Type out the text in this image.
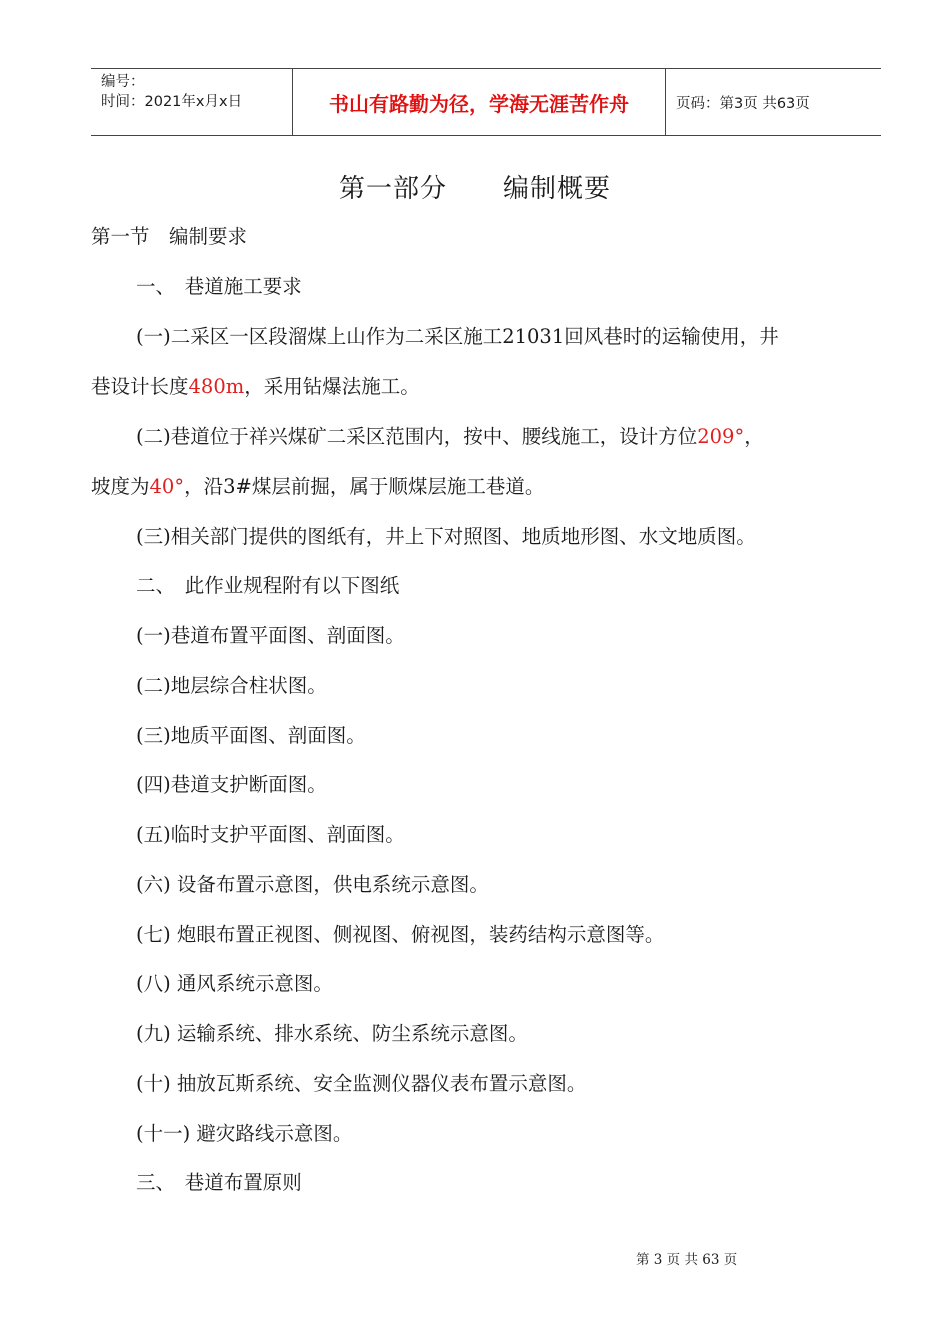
编号：
时间：2021年x月x日	书山有路勤为径，学海无涯苦作舟	页码：第3页 共63页
第一部分 编制概要
第一节　编制要求
一、　巷道施工要求
(一)二采区一区段溜煤上山作为二采区施工21031回风巷时的运输使用，井
巷设计长度480m，采用钻爆法施工。
(二)巷道位于祥兴煤矿二采区范围内，按中、腰线施工，设计方位209°，
坡度为40°，沿3#煤层前掘，属于顺煤层施工巷道。
(三)相关部门提供的图纸有，井上下对照图、地质地形图、水文地质图。
二、　此作业规程附有以下图纸
(一)巷道布置平面图、剖面图。
(二)地层综合柱状图。
(三)地质平面图、剖面图。
(四)巷道支护断面图。
(五)临时支护平面图、剖面图。
(六) 设备布置示意图，供电系统示意图。
(七) 炮眼布置正视图、侧视图、俯视图，装药结构示意图等。
(八) 通风系统示意图。
(九) 运输系统、排水系统、防尘系统示意图。
(十) 抽放瓦斯系统、安全监测仪器仪表布置示意图。
(十一) 避灾路线示意图。
三、　巷道布置原则
第 3 页 共 63 页
